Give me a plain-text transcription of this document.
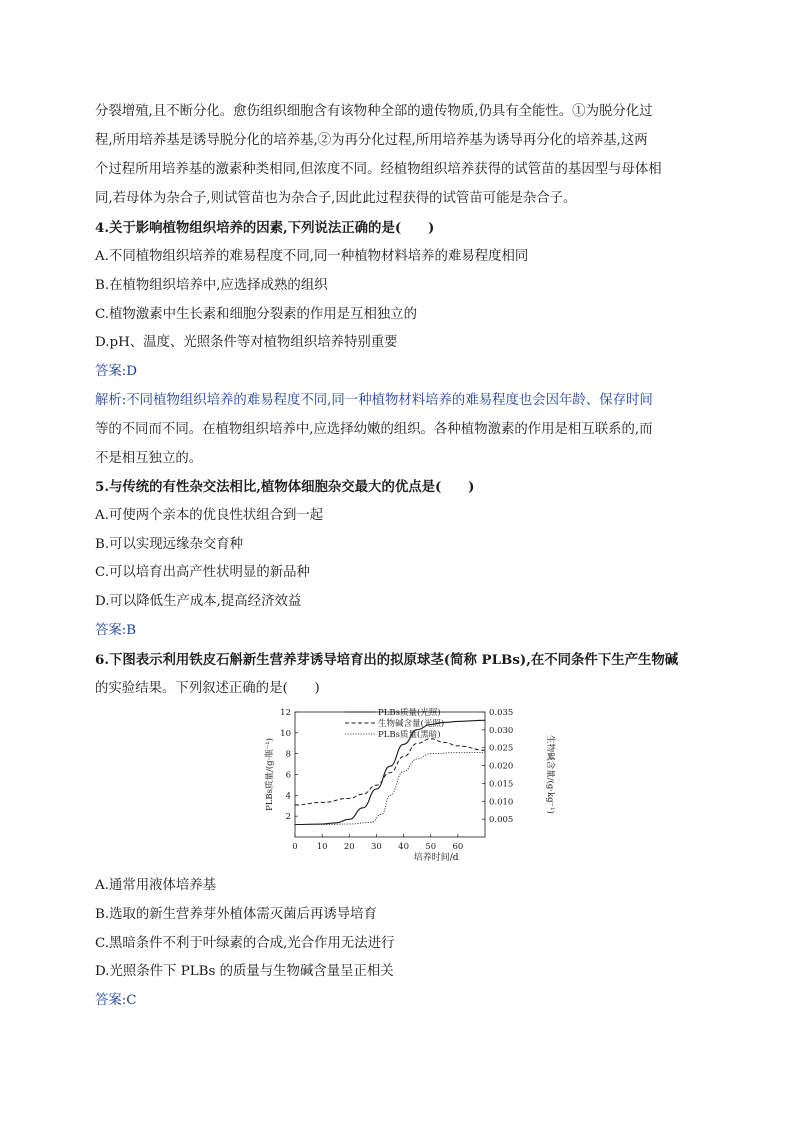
分裂增殖,且不断分化。愈伤组织细胞含有该物种全部的遗传物质,仍具有全能性。①为脱分化过
程,所用培养基是诱导脱分化的培养基,②为再分化过程,所用培养基为诱导再分化的培养基,这两
个过程所用培养基的激素种类相同,但浓度不同。经植物组织培养获得的试管苗的基因型与母体相
同,若母体为杂合子,则试管苗也为杂合子,因此此过程获得的试管苗可能是杂合子。
4.关于影响植物组织培养的因素,下列说法正确的是(　　)
A.不同植物组织培养的难易程度不同,同一种植物材料培养的难易程度相同
B.在植物组织培养中,应选择成熟的组织
C.植物激素中生长素和细胞分裂素的作用是互相独立的
D.pH、温度、光照条件等对植物组织培养特别重要
答案:D
解析:不同植物组织培养的难易程度不同,同一种植物材料培养的难易程度也会因年龄、保存时间
等的不同而不同。在植物组织培养中,应选择幼嫩的组织。各种植物激素的作用是相互联系的,而
不是相互独立的。
5.与传统的有性杂交法相比,植物体细胞杂交最大的优点是(　　)
A.可使两个亲本的优良性状组合到一起
B.可以实现远缘杂交育种
C.可以培育出高产性状明显的新品种
D.可以降低生产成本,提高经济效益
答案:B
6.下图表示利用铁皮石斛新生营养芽诱导培育出的拟原球茎(简称 PLBs),在不同条件下生产生物碱
的实验结果。下列叙述正确的是(　　)
0 10 20 30 40 50 60
2
4
6
8
10
12
0.005
0.010
0.015
0.020
0.025
0.030
0.035
PLBs质量/(g·瓶⁻¹)	生物碱含量/(g·kg⁻¹)
培养时间/d
PLBs质量(光照)
生物碱含量(光照)
PLBs质量(黑暗)
A.通常用液体培养基
B.选取的新生营养芽外植体需灭菌后再诱导培育
C.黑暗条件不利于叶绿素的合成,光合作用无法进行
D.光照条件下 PLBs 的质量与生物碱含量呈正相关
答案:C
